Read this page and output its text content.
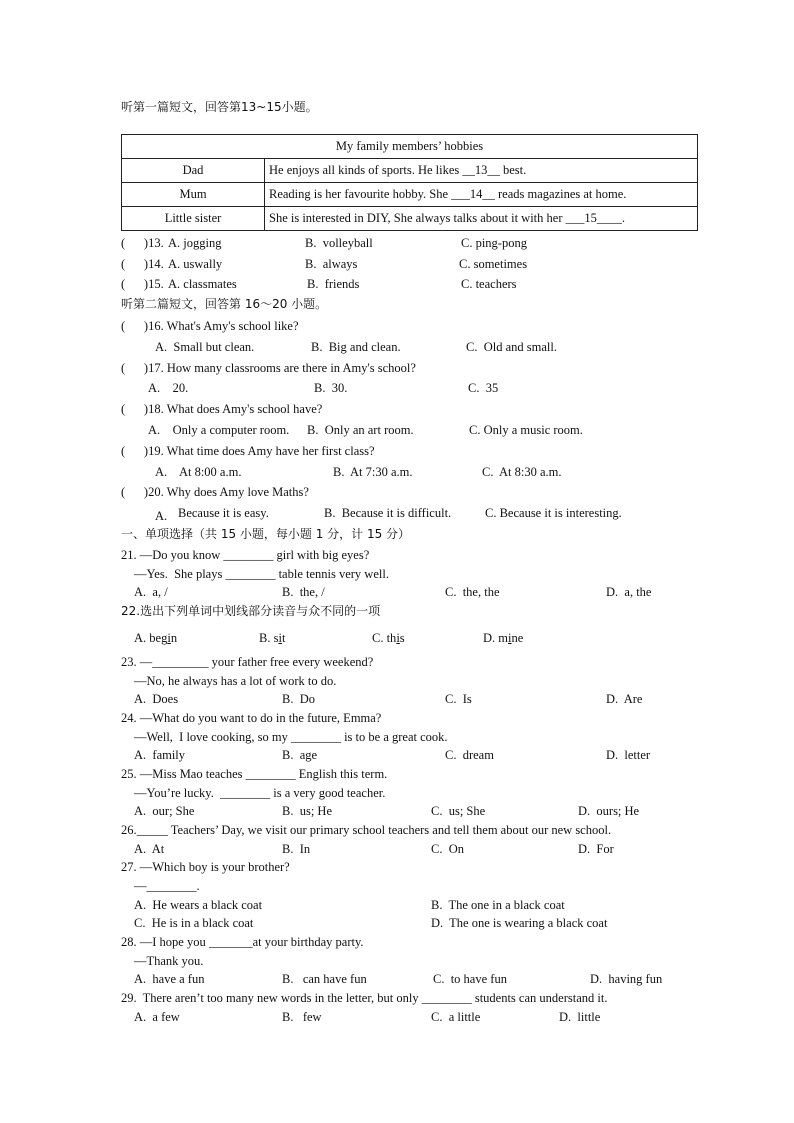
听第一篇短文，回答第13~15小题。
My family members’ hobbies	
Dad	He enjoys all kinds of sports. He likes __13__ best.
Mum	Reading is her favourite hobby. She ___14__ reads magazines at home.
Little sister	She is interested in DIY, She always talks about it with her ___15____.
(      )13. A. jogging	B.  volleyball	C. ping-pong
(      )14. A. uswally	B.  always	C. sometimes
(      )15. A. classmates	B.  friends	C. teachers
听第二篇短文，回答第 16～20 小题。
(      )16. What's Amy's school like?
A.  Small but clean.	B.  Big and clean.	C.  Old and small.
(      )17. How many classrooms are there in Amy's school?
A.    20.	B.  30.	C.  35
(      )18. What does Amy's school have?
A.    Only a computer room. B.  Only an art room.	C. Only a music room.
(      )19. What time does Amy have her first class?
A.    At 8:00 a.m.	B.  At 7:30 a.m.	C.  At 8:30 a.m.
(      )20. Why does Amy love Maths?
A. Because it is easy.	B.  Because it is difficult.	C. Because it is interesting.
一、单项选择（共 15 小题，每小题 1 分，计 15 分）
21. —Do you know ________ girl with big eyes?
—Yes.  She plays ________ table tennis very well.
A.  a, /	B.  the, /	C.  the, the	D.  a, the
22.选出下列单词中划线部分读音与众不同的一项
A. begin	B. sit	C. this	D. mine
23. —_________ your father free every weekend?
—No, he always has a lot of work to do.
A.  Does	B.  Do	C.  Is	D.  Are
24. —What do you want to do in the future, Emma?
—Well,  I love cooking, so my ________ is to be a great cook.
A.  family	B.  age	C.  dream	D.  letter
25. —Miss Mao teaches ________ English this term.
—You’re lucky.  ________ is a very good teacher.
A.  our; She	B.  us; He	C.  us; She	D.  ours; He
26._____ Teachers’ Day, we visit our primary school teachers and tell them about our new school.
A.  At	B.  In	C.  On	D.  For
27. —Which boy is your brother?
—________.
A.  He wears a black coat	B.  The one in a black coat
C.  He is in a black coat	D.  The one is wearing a black coat
28. —I hope you _______at your birthday party.
—Thank you.
A.  have a fun	B.   can have fun	C.  to have fun	D.  having fun
29.  There aren’t too many new words in the letter, but only ________ students can understand it.
A.  a few	B.   few	C.  a little	D.  little
